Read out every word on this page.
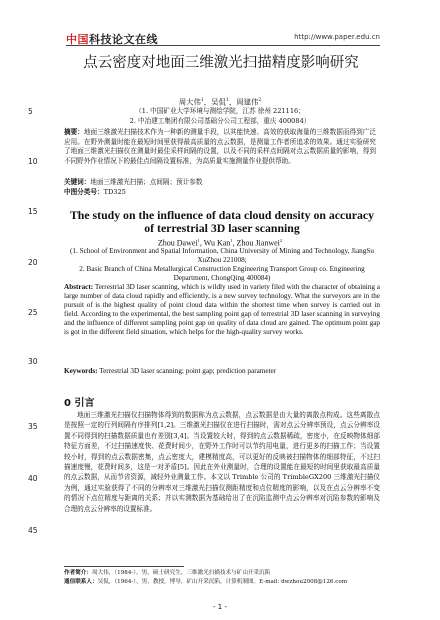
中国科技论文在线	http://www.paper.edu.cn
点云密度对地面三维激光扫描精度影响研究
5
10
15
20
25
30
35
40
45
周大伟$^1$，吴侃$^1$，周建伟$^2$
（1. 中国矿业大学环境与测绘学院，江苏 徐州 221116；
2. 中冶建工集团有限公司基础分公司工程部，重庆 400084）
摘要：地面三维激光扫描技术作为一种新的测量手段，以其能快速、高效的获取海量的三维数据而得到广泛应用。在野外测量时能在最短时间里获得最高质量的点云数据，是测量工作者所追求的效果。通过实验研究了地面三维激光扫描仪在测量时最佳采样间隔的设置，以及不同的采样点间隔对点云数据质量的影响，得到不同野外作业情况下的最佳点间隔设置标准，为高质量实施测量作业提供帮助。
关键词：地面三维激光扫描；点间隔；预计参数
中图分类号：TD325
The study on the influence of data cloud density on accuracy of terrestrial 3D laser scanning
Zhou Dawei$^1$, Wu Kan$^1$, Zhou Jianwei$^2$
(1. School of Environment and Spatial Information, China University of Mining and Technology, JiangSu XuZhou 221008;
2. Basic Branch of China Metallurgical Construction Engineering Transport Group co. Engineering Department, ChongQing 400084)
Abstract: Terrestrial 3D laser scanning, which is wildly used in variety filed with the character of obtaining a large number of data cloud rapidly and efficiently, is a new survey technology. What the surveyors are in the pursuit of is the highest quality of point cloud data within the shortest time when survey is carried out in field. According to the experimental, the best sampling point gap of terrestrial 3D laser scanning in surveying and the influence of different sampling point gap on quality of data cloud are gained. The optimum point gap is got in the different field situation, which helps for the high-quality survey works.
Keywords: Terrestrial 3D laser scanning; point gap; prediction parameter
0 引言
地面三维激光扫描仪扫描物体得到的数据称为点云数据，点云数据是由大量的离散点构成。这些离散点是按照一定的行列间隔有序排列[1,2]。三维激光扫描仪在进行扫描时，需对点云分辨率预设，点云分辨率设置不同得到的扫描数据质量也有差别[3,4]。当设置较大时，得到的点云数据稀疏，密度小，在反映物体细部特征方面差，不过扫描速度快、花费时间少，在野外工作时可以节约用电量，进行更多的扫描工作；当设置较小时，得到的点云数据密集，点云密度大，建模精度高，可以更好的反映被扫描物体的细部特征，不过扫描速度慢，花费时间多，这是一对矛盾[5]。因此在外业测量时，合理的设置能在最短的时间里获取最高质量的点云数据，从而节省资源，减轻外业测量工作。本文以 Trimble 公司的 TrimbleGX200 三维激光扫描仪为例，通过实验获得了不同的分辨率对三维激光扫描仪测距精度和点位精度的影响，以及在点云分辨率不变的情况下点位精度与距离的关系；并以实测数据为基础给出了在沉陷监测中点云分辨率对沉陷参数的影响及合理的点云分辨率的设置标准。
作者简介：周大伟，（1984-），男，硕士研究生，三维激光扫描技术与矿山开采沉陷
通信联系人：吴侃，（1964-），男，教授，博导，矿山开采沉陷，计算机制图。E-mail: dwzhou2008@126.com
- 1 -
